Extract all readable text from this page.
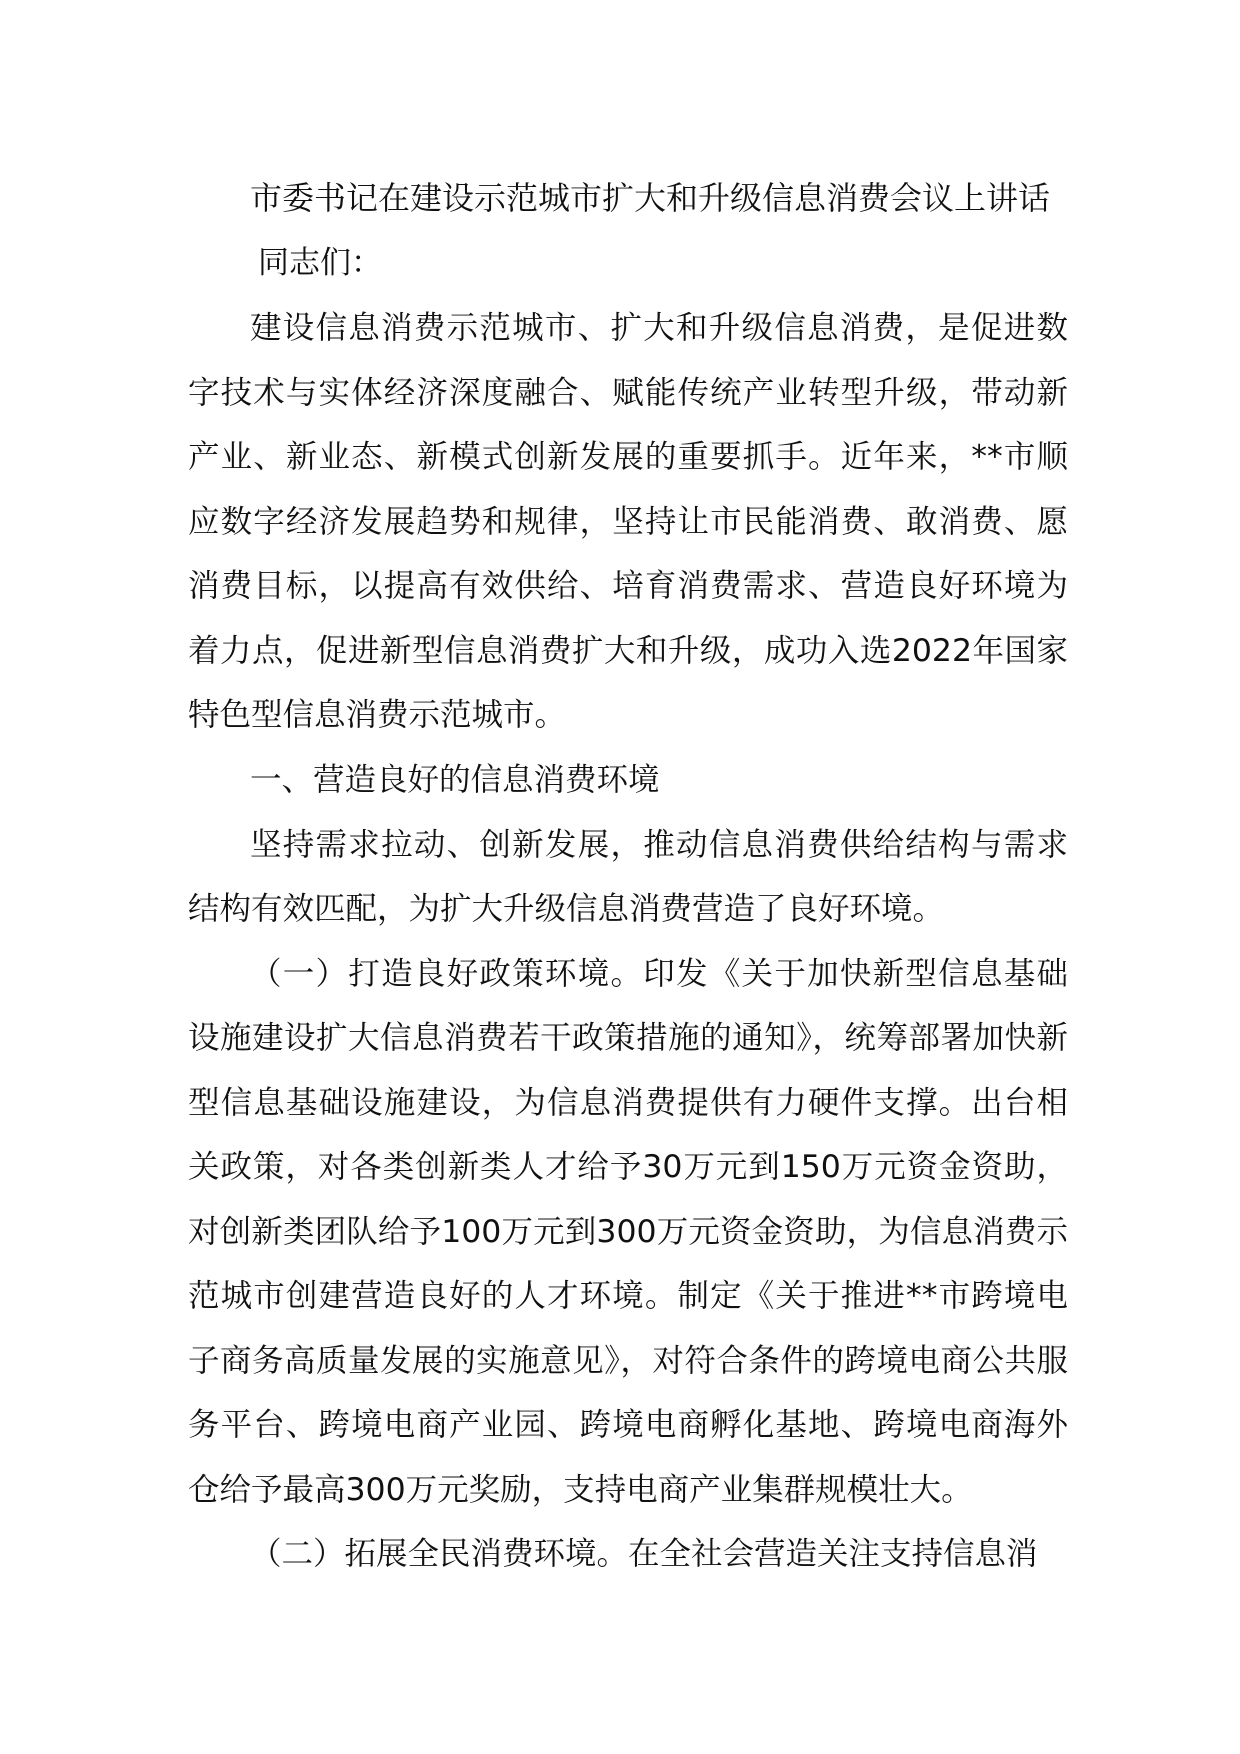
市委书记在建设示范城市扩大和升级信息消费会议上讲话

同志们：

建设信息消费示范城市、扩大和升级信息消费，是促进数字技术与实体经济深度融合、赋能传统产业转型升级，带动新产业、新业态、新模式创新发展的重要抓手。近年来，**市顺应数字经济发展趋势和规律，坚持让市民能消费、敢消费、愿消费目标，以提高有效供给、培育消费需求、营造良好环境为着力点，促进新型信息消费扩大和升级，成功入选2022年国家特色型信息消费示范城市。

一、营造良好的信息消费环境

坚持需求拉动、创新发展，推动信息消费供给结构与需求结构有效匹配，为扩大升级信息消费营造了良好环境。

（一）打造良好政策环境。印发《关于加快新型信息基础设施建设扩大信息消费若干政策措施的通知》，统筹部署加快新型信息基础设施建设，为信息消费提供有力硬件支撑。出台相关政策，对各类创新类人才给予30万元到150万元资金资助，对创新类团队给予100万元到300万元资金资助，为信息消费示范城市创建营造良好的人才环境。制定《关于推进**市跨境电子商务高质量发展的实施意见》，对符合条件的跨境电商公共服务平台、跨境电商产业园、跨境电商孵化基地、跨境电商海外仓给予最高300万元奖励，支持电商产业集群规模壮大。

（二）拓展全民消费环境。在全社会营造关注支持信息消
